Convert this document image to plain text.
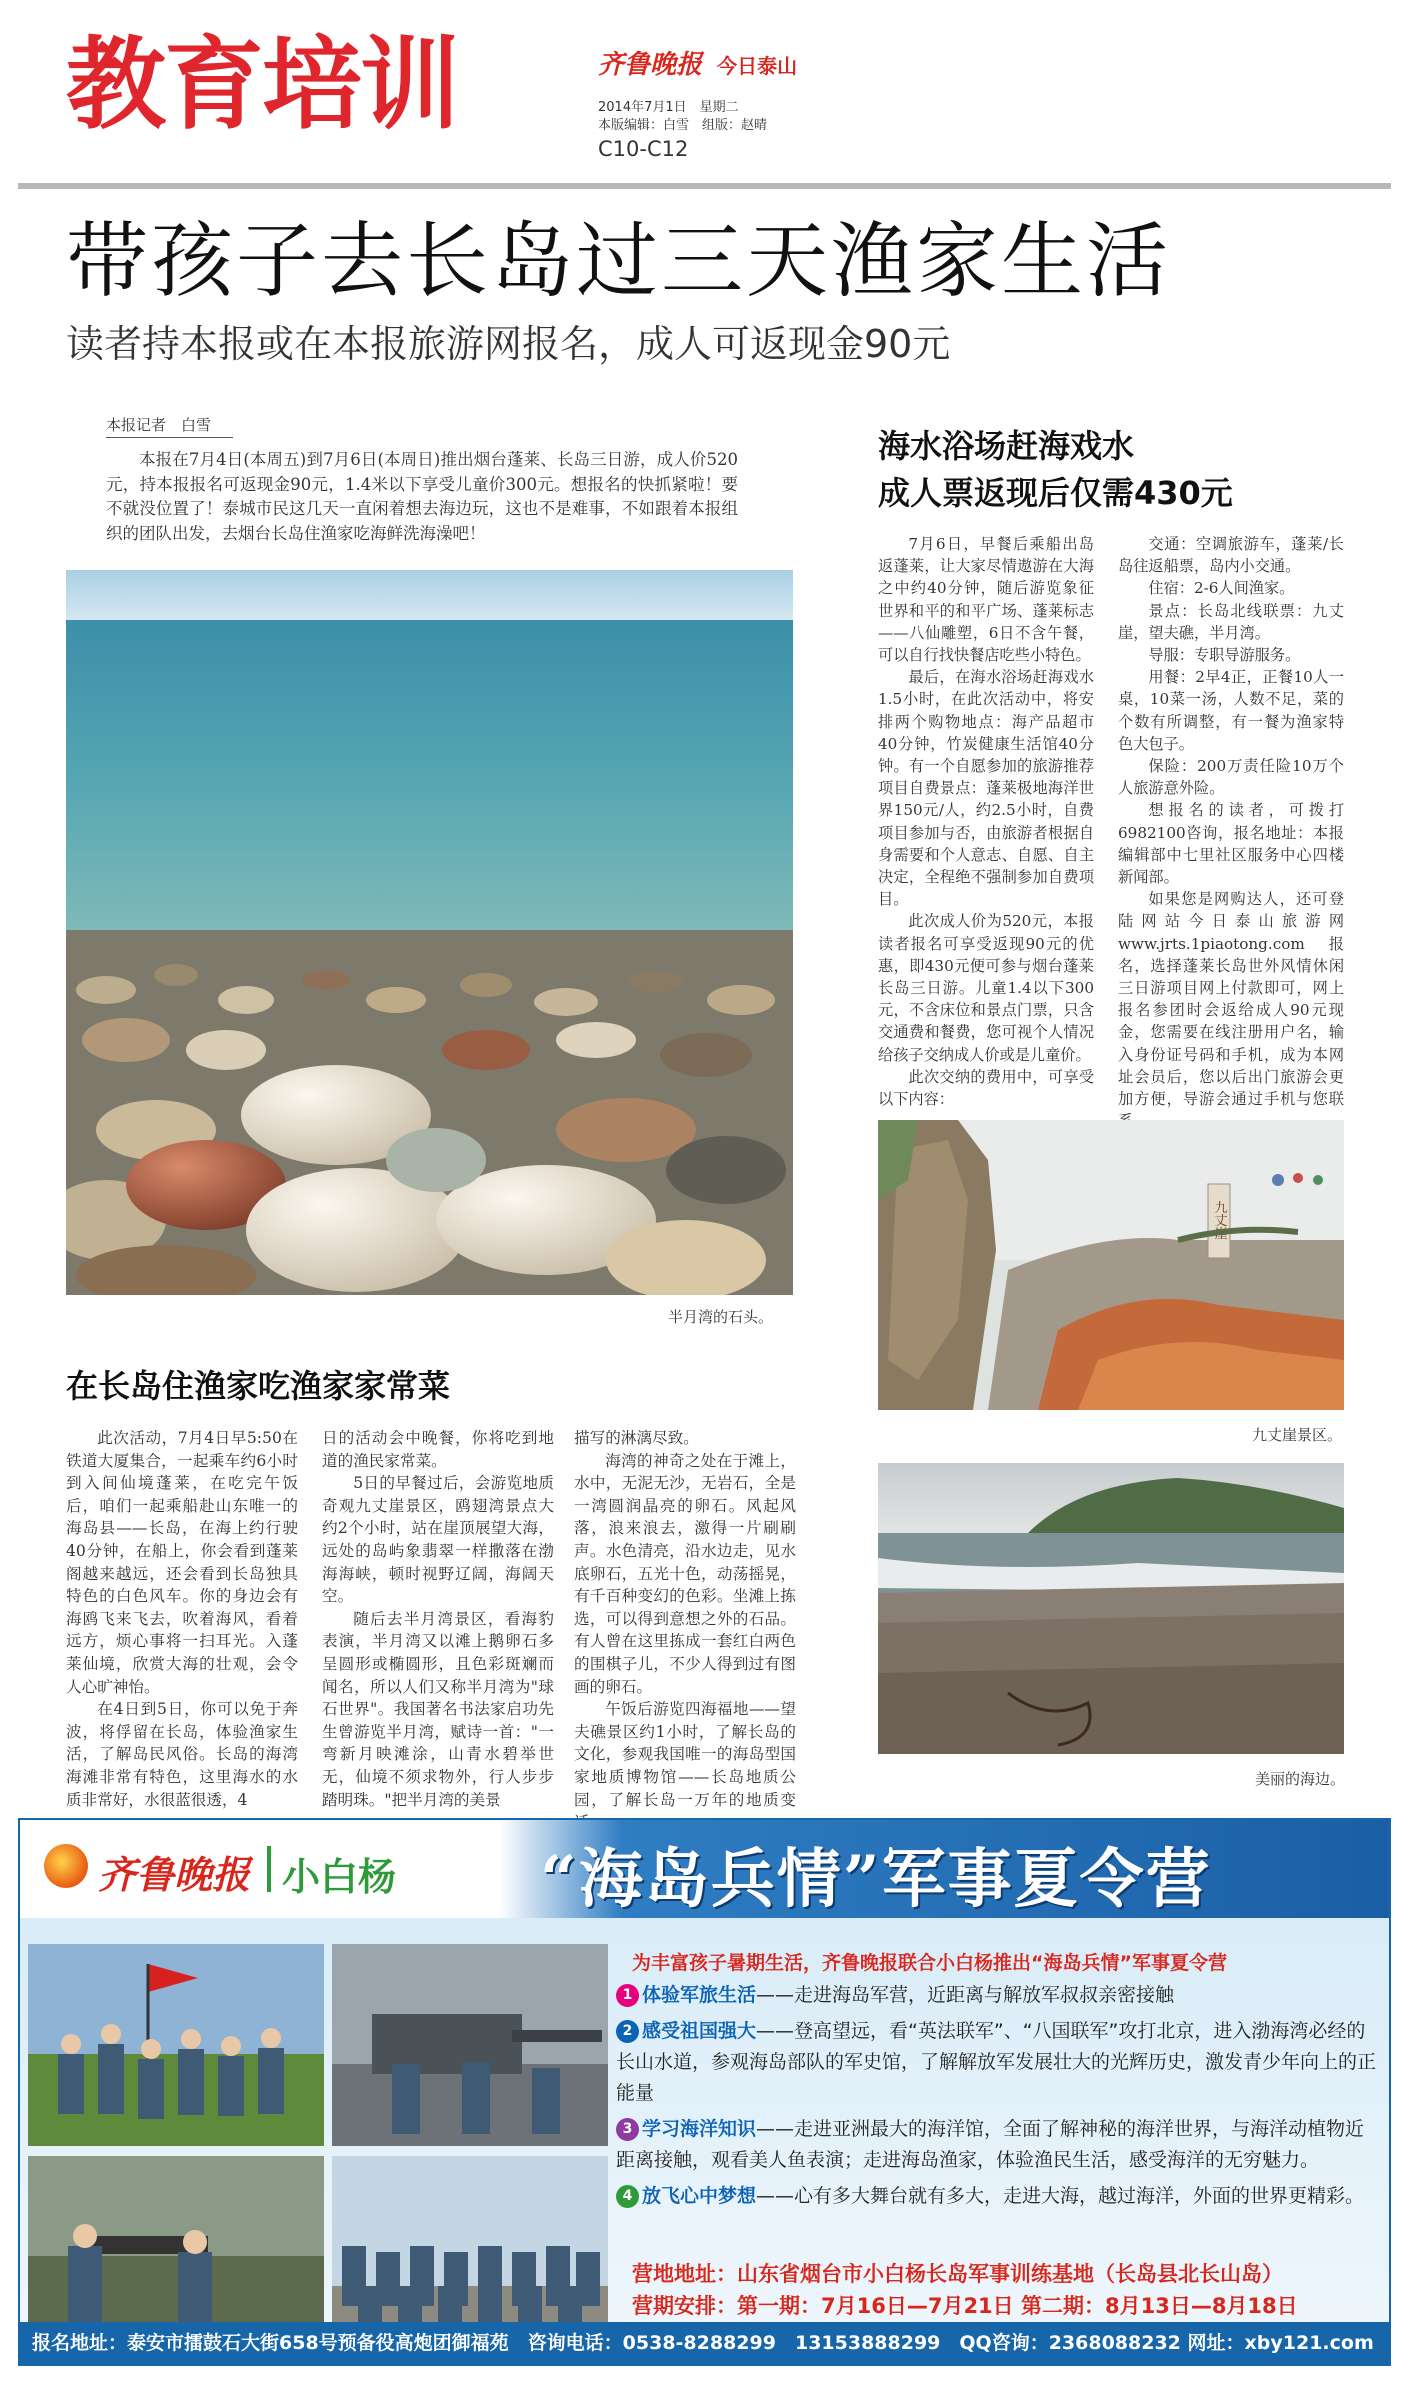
教育培训	齐鲁晚报 今日泰山
2014年7月1日　星期二
本版编辑：白雪　组版：赵晴
C10-C12
带孩子去长岛过三天渔家生活
读者持本报或在本报旅游网报名，成人可返现金90元
本报记者　白雪

本报在7月4日(本周五)到7月6日(本周日)推出烟台蓬莱、长岛三日游，成人价520元，持本报报名可返现金90元，1.4米以下享受儿童价300元。想报名的快抓紧啦！要不就没位置了！泰城市民这几天一直闲着想去海边玩，这也不是难事，不如跟着本报组织的团队出发，去烟台长岛住渔家吃海鲜洗海澡吧！

半月湾的石头。
在长岛住渔家吃渔家家常菜

此次活动，7月4日早5:50在铁道大厦集合，一起乘车约6小时到入间仙境蓬莱，在吃完午饭后，咱们一起乘船赴山东唯一的海岛县——长岛，在海上约行驶40分钟，在船上，你会看到蓬莱阁越来越远，还会看到长岛独具特色的白色风车。你的身边会有海鸥飞来飞去，吹着海风，看着远方，烦心事将一扫耳光。入蓬莱仙境，欣赏大海的壮观，会令人心旷神怡。

在4日到5日，你可以免于奔波，将俘留在长岛，体验渔家生活，了解岛民风俗。长岛的海湾海滩非常有特色，这里海水的水质非常好，水很蓝很透，4

日的活动会中晚餐，你将吃到地道的渔民家常菜。

5日的早餐过后，会游览地质奇观九丈崖景区，鸥翅湾景点大约2个小时，站在崖顶展望大海，远处的岛屿象翡翠一样撒落在渤海海峡，顿时视野辽阔，海阔天空。

随后去半月湾景区，看海豹表演，半月湾又以滩上鹅卵石多呈圆形或椭圆形，且色彩斑斓而闻名，所以人们又称半月湾为"球石世界"。我国著名书法家启功先生曾游览半月湾，赋诗一首："一弯新月映滩涂，山青水碧举世无，仙境不须求物外，行人步步踏明珠。"把半月湾的美景

描写的淋漓尽致。

海湾的神奇之处在于滩上，水中，无泥无沙，无岩石，全是一湾圆润晶亮的卵石。风起风落，浪来浪去，激得一片刷刷声。水色清亮，沿水边走，见水底卵石，五光十色，动荡摇晃，有千百种变幻的色彩。坐滩上拣选，可以得到意想之外的石品。有人曾在这里拣成一套红白两色的围棋子儿，不少人得到过有图画的卵石。

午饭后游览四海福地——望夫礁景区约1小时，了解长岛的文化，参观我国唯一的海岛型国家地质博物馆——长岛地质公园，了解长岛一万年的地质变

海水浴场赶海戏水
成人票返现后仅需430元

7月6日，早餐后乘船出岛返蓬莱，让大家尽情遨游在大海之中约40分钟，随后游览象征世界和平的和平广场、蓬莱标志——八仙雕塑，6日不含午餐，可以自行找快餐店吃些小特色。

最后，在海水浴场赶海戏水1.5小时，在此次活动中，将安排两个购物地点：海产品超市40分钟，竹炭健康生活馆40分钟。有一个自愿参加的旅游推荐项目自费景点：蓬莱极地海洋世界150元/人，约2.5小时，自费项目参加与否，由旅游者根据自身需要和个人意志、自愿、自主决定，全程绝不强制参加自费项目。

此次成人价为520元，本报读者报名可享受返现90元的优惠，即430元便可参与烟台蓬莱长岛三日游。儿童1.4以下300元，不含床位和景点门票，只含交通费和餐费，您可视个人情况给孩子交纳成人价或是儿童价。

此次交纳的费用中，可享受以下内容：

交通：空调旅游车，蓬莱/长岛往返船票，岛内小交通。

住宿：2-6人间渔家。

景点：长岛北线联票：九丈崖，望夫礁，半月湾。

导服：专职导游服务。

用餐：2早4正，正餐10人一桌，10菜一汤，人数不足，菜的个数有所调整，有一餐为渔家特色大包子。

保险：200万责任险10万个人旅游意外险。

想报名的读者，可拨打6982100咨询，报名地址：本报编辑部中七里社区服务中心四楼新闻部。

如果您是网购达人，还可登陆网站今日泰山旅游网www.jrts.1piaotong.com报名，选择蓬莱长岛世外风情休闲三日游项目网上付款即可，网上报名参团时会返给成人90元现金，您需要在线注册用户名，输入身份证号码和手机，成为本网址会员后，您以后出门旅游会更加方便，导游会通过手机与您联

九丈崖
九丈崖景区。
美丽的海边。
齐鲁晚报 小白杨 “海岛兵情”军事夏令营
为丰富孩子暑期生活，齐鲁晚报联合小白杨推出“海岛兵情”军事夏令营
1 体验军旅生活——走进海岛军营，近距离与解放军叔叔亲密接触
2 感受祖国强大——登高望远，看“英法联军”、“八国联军”攻打北京，进入渤海湾必经的长山水道，参观海岛部队的军史馆，了解解放军发展壮大的光辉历史，激发青少年向上的正能量
3 学习海洋知识——走进亚洲最大的海洋馆，全面了解神秘的海洋世界，与海洋动植物近距离接触，观看美人鱼表演；走进海岛渔家，体验渔民生活，感受海洋的无穷魅力。
4 放飞心中梦想——心有多大舞台就有多大，走进大海，越过海洋，外面的世界更精彩。
营地地址：山东省烟台市小白杨长岛军事训练基地（长岛县北长山岛）
营期安排：第一期：7月16日—7月21日 第二期：8月13日—8月18日
报名地址：泰安市擂鼓石大街658号预备役高炮团御福苑　咨询电话：0538-8288299　13153888299　QQ咨询：2368088232 网址：xby121.com
